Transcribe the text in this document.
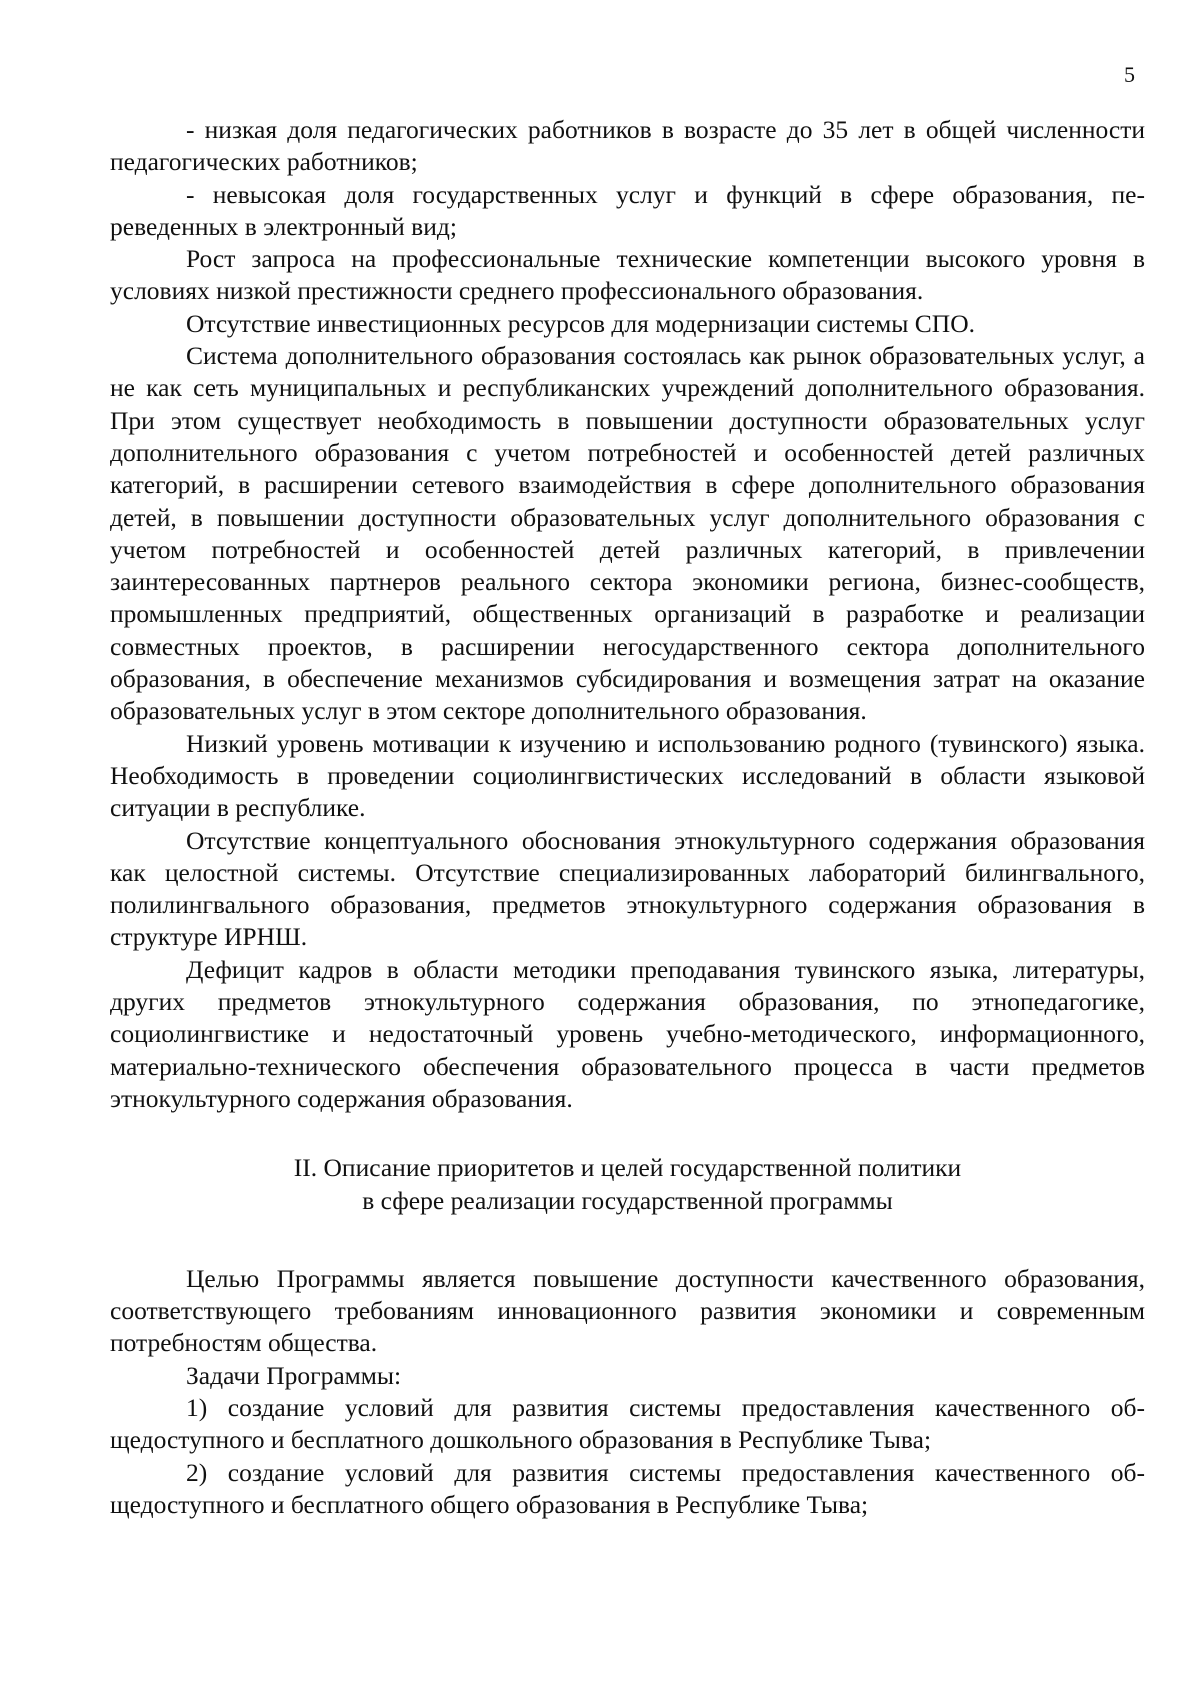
5

- низкая доля педагогических работников в возрасте до 35 лет в общей численности педагогических работников;

- невысокая доля государственных услуг и функций в сфере образования, переведенных в электронный вид;

Рост запроса на профессиональные технические компетенции высокого уровня в условиях низкой престижности среднего профессионального образования.

Отсутствие инвестиционных ресурсов для модернизации системы СПО.

Система дополнительного образования состоялась как рынок образовательных услуг, а не как сеть муниципальных и республиканских учреждений дополнительного образования. При этом существует необходимость в повышении доступности образовательных услуг дополнительного образования с учетом потребностей и особенностей детей различных категорий, в расширении сетевого взаимодействия в сфере дополнительного образования детей, в повышении доступности образовательных услуг дополнительного образования с учетом потребностей и особенностей детей различных категорий, в привлечении заинтересованных партнеров реального сектора экономики региона, бизнес-сообществ, промышленных предприятий, общественных организаций в разработке и реализации совместных проектов, в расширении негосударственного сектора дополнительного образования, в обеспечение механизмов субсидирования и возмещения затрат на оказание образовательных услуг в этом секторе дополнительного образования.

Низкий уровень мотивации к изучению и использованию родного (тувинского) языка. Необходимость в проведении социолингвистических исследований в области языковой ситуации в республике.

Отсутствие концептуального обоснования этнокультурного содержания образования как целостной системы. Отсутствие специализированных лабораторий билингвального, полилингвального образования, предметов этнокультурного содержания образования в структуре ИРНШ.

Дефицит кадров в области методики преподавания тувинского языка, литературы, других предметов этнокультурного содержания образования, по этнопедагогике, социолингвистике и недостаточный уровень учебно-методического, информационного, материально-технического обеспечения образовательного процесса в части предметов этнокультурного содержания образования.

II. Описание приоритетов и целей государственной политики
в сфере реализации государственной программы

Целью Программы является повышение доступности качественного образования, соответствующего требованиям инновационного развития экономики и современным потребностям общества.

Задачи Программы:

1) создание условий для развития системы предоставления качественного общедоступного и бесплатного дошкольного образования в Республике Тыва;

2) создание условий для развития системы предоставления качественного общедоступного и бесплатного общего образования в Республике Тыва;
